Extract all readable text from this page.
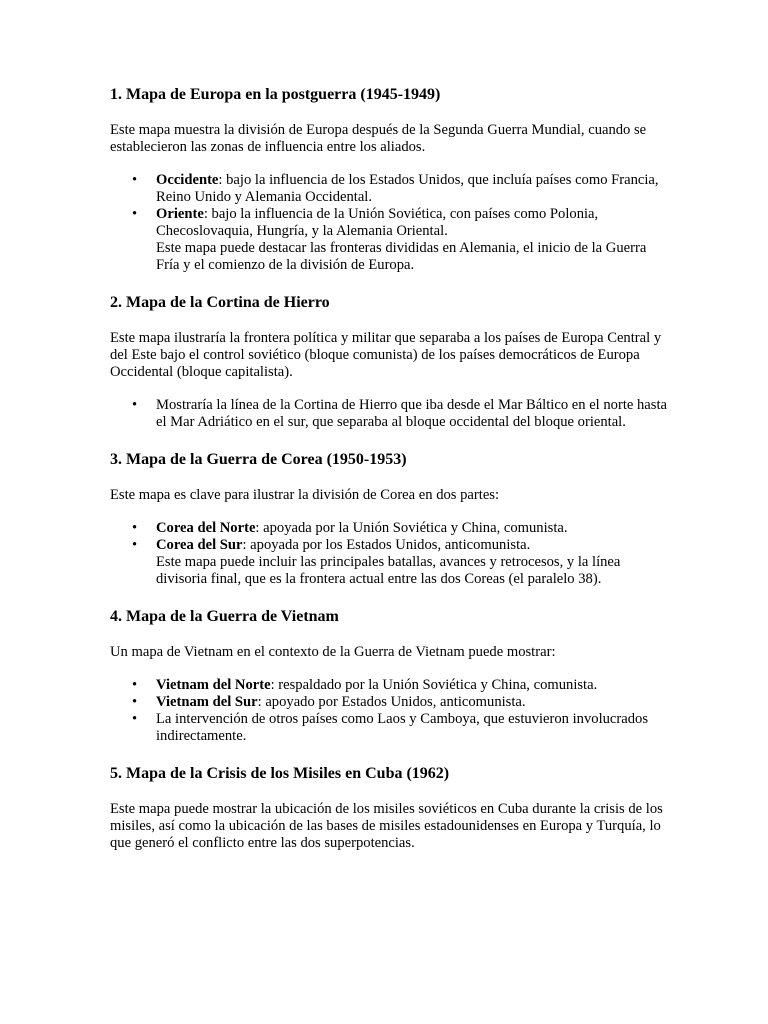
1. Mapa de Europa en la postguerra (1945-1949)

Este mapa muestra la división de Europa después de la Segunda Guerra Mundial, cuando se establecieron las zonas de influencia entre los aliados.

• Occidente: bajo la influencia de los Estados Unidos, que incluía países como Francia, Reino Unido y Alemania Occidental.
• Oriente: bajo la influencia de la Unión Soviética, con países como Polonia, Checoslovaquia, Hungría, y la Alemania Oriental.
Este mapa puede destacar las fronteras divididas en Alemania, el inicio de la Guerra Fría y el comienzo de la división de Europa.
2. Mapa de la Cortina de Hierro

Este mapa ilustraría la frontera política y militar que separaba a los países de Europa Central y del Este bajo el control soviético (bloque comunista) de los países democráticos de Europa Occidental (bloque capitalista).

• Mostraría la línea de la Cortina de Hierro que iba desde el Mar Báltico en el norte hasta el Mar Adriático en el sur, que separaba al bloque occidental del bloque oriental.
3. Mapa de la Guerra de Corea (1950-1953)

Este mapa es clave para ilustrar la división de Corea en dos partes:

• Corea del Norte: apoyada por la Unión Soviética y China, comunista.
• Corea del Sur: apoyada por los Estados Unidos, anticomunista.
Este mapa puede incluir las principales batallas, avances y retrocesos, y la línea divisoria final, que es la frontera actual entre las dos Coreas (el paralelo 38).
4. Mapa de la Guerra de Vietnam

Un mapa de Vietnam en el contexto de la Guerra de Vietnam puede mostrar:

• Vietnam del Norte: respaldado por la Unión Soviética y China, comunista.
• Vietnam del Sur: apoyado por Estados Unidos, anticomunista.
• La intervención de otros países como Laos y Camboya, que estuvieron involucrados indirectamente.
5. Mapa de la Crisis de los Misiles en Cuba (1962)

Este mapa puede mostrar la ubicación de los misiles soviéticos en Cuba durante la crisis de los misiles, así como la ubicación de las bases de misiles estadounidenses en Europa y Turquía, lo que generó el conflicto entre las dos superpotencias.
